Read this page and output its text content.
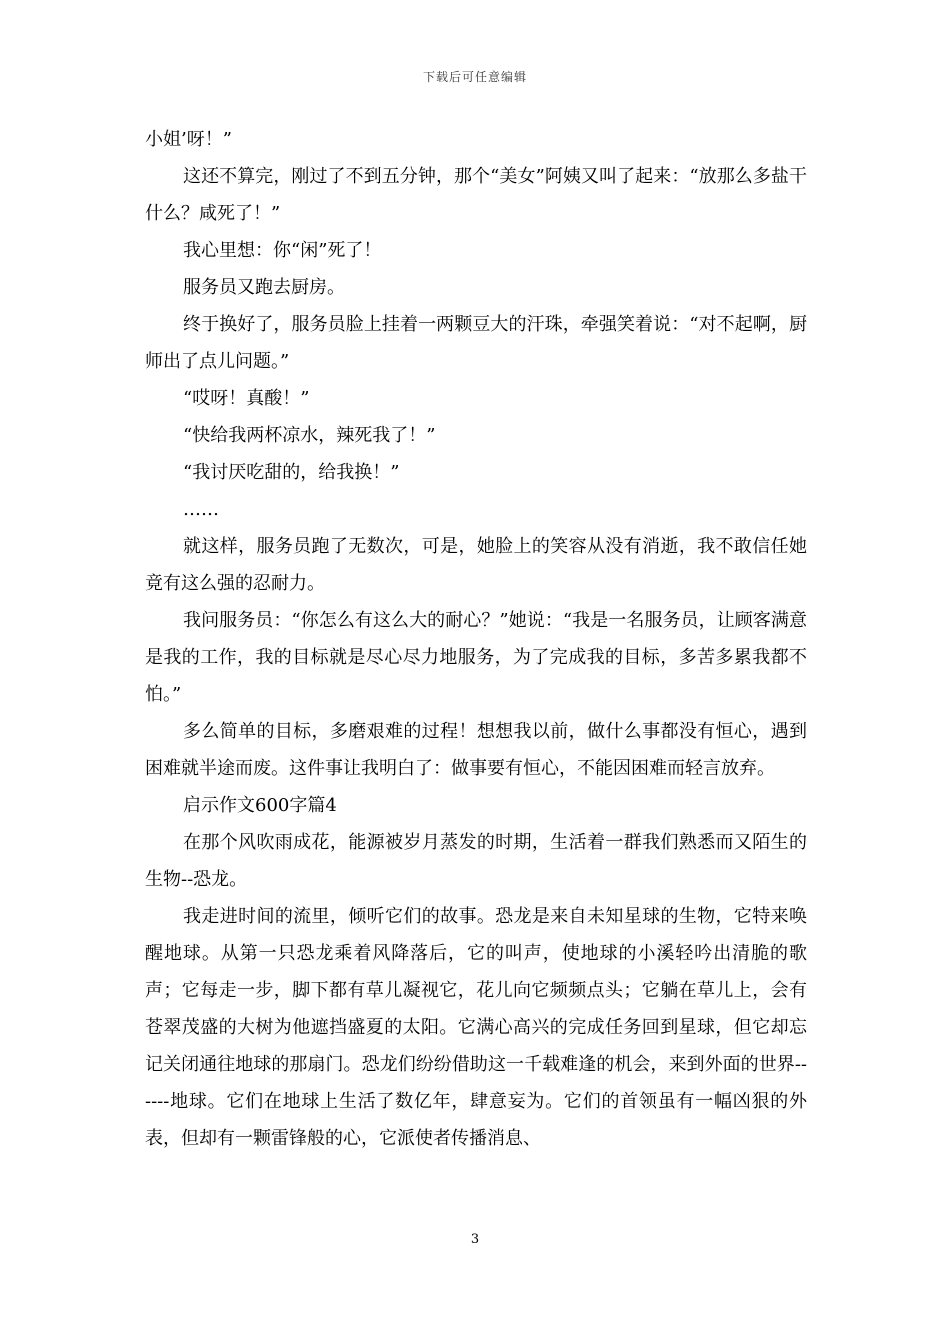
下载后可任意编辑

小姐’呀！”

这还不算完，刚过了不到五分钟，那个“美女”阿姨又叫了起来：“放那么多盐干什么？咸死了！”

我心里想：你“闲”死了！

服务员又跑去厨房。

终于换好了，服务员脸上挂着一两颗豆大的汗珠，牵强笑着说：“对不起啊，厨师出了点儿问题。”

“哎呀！真酸！”

“快给我两杯凉水，辣死我了！”

“我讨厌吃甜的，给我换！”

……

就这样，服务员跑了无数次，可是，她脸上的笑容从没有消逝，我不敢信任她竟有这么强的忍耐力。

我问服务员：“你怎么有这么大的耐心？”她说：“我是一名服务员，让顾客满意是我的工作，我的目标就是尽心尽力地服务，为了完成我的目标，多苦多累我都不怕。”

多么简单的目标，多磨艰难的过程！想想我以前，做什么事都没有恒心，遇到困难就半途而废。这件事让我明白了：做事要有恒心，不能因困难而轻言放弃。

启示作文600字篇4

在那个风吹雨成花，能源被岁月蒸发的时期，生活着一群我们熟悉而又陌生的生物--恐龙。

我走进时间的流里，倾听它们的故事。恐龙是来自未知星球的生物，它特来唤醒地球。从第一只恐龙乘着风降落后，它的叫声，使地球的小溪轻吟出清脆的歌声；它每走一步，脚下都有草儿凝视它，花儿向它频频点头；它躺在草儿上，会有苍翠茂盛的大树为他遮挡盛夏的太阳。它满心高兴的完成任务回到星球，但它却忘记关闭通往地球的那扇门。恐龙们纷纷借助这一千载难逢的机会，来到外面的世界------地球。它们在地球上生活了数亿年，肆意妄为。它们的首领虽有一幅凶狠的外表，但却有一颗雷锋般的心，它派使者传播消息、

3
